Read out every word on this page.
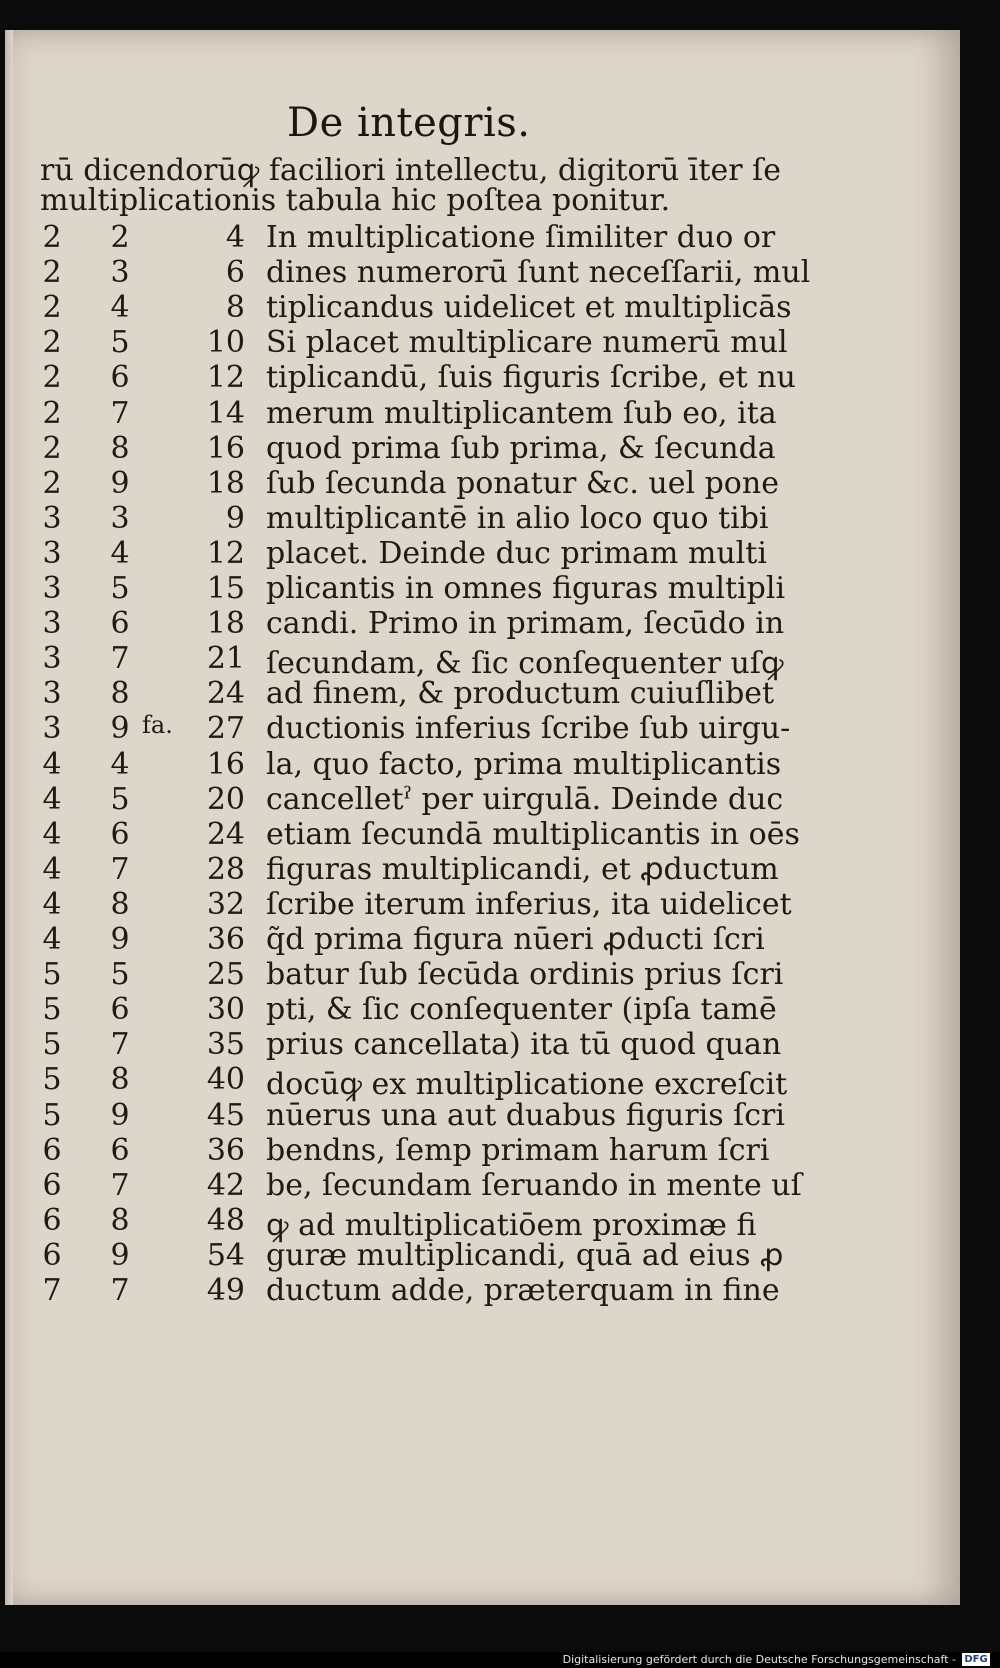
De integris.
rū dicendorūꝙ faciliori intellectu, digitorū īter ſe
multiplicationis tabula hic poſtea ponitur.
2 2	4 In multiplicatione ſimiliter duo or
2 3	6 dines numerorū ſunt neceſſarii, mul
2 4	8 tiplicandus uidelicet et multiplicās
2 5	10 Si placet multiplicare numerū mul
2 6	12 tiplicandū, ſuis figuris ſcribe, et nu
2 7	14 merum multiplicantem ſub eo, ita
2 8	16 quod prima ſub prima, & ſecunda
2 9	18 ſub ſecunda ponatur &c. uel pone
3 3	9 multiplicantē in alio loco quo tibi
3 4	12 placet. Deinde duc primam multi
3 5	15 plicantis in omnes figuras multipli
3 6	18 candi. Primo in primam, ſecūdo in
3 7	21 ſecundam, & ſic conſequenter uſꝙ
3 8	24 ad finem, & productum cuiuſlibet
3 9 fa.	27 ductionis inferius ſcribe ſub uirgu-
4 4	16 la, quo facto, prima multiplicantis
4 5	20 cancelletˀ per uirgulā. Deinde duc
4 6	24 etiam ſecundā multiplicantis in oēs
4 7	28 figuras multiplicandi, et ꝓductum
4 8	32 ſcribe iterum inferius, ita uidelicet
4 9	36 q̃d prima figura nūeri ꝓducti ſcri
5 5	25 batur ſub ſecūda ordinis prius ſcri
5 6	30 pti, & ſic conſequenter (ipſa tamē
5 7	35 prius cancellata) ita tū quod quan
5 8	40 docūꝙ ex multiplicatione excreſcit
5 9	45 nūerus una aut duabus figuris ſcri
6 6	36 bendns, ſemp primam harum ſcri
6 7	42 be, ſecundam ſeruando in mente uſ
6 8	48 ꝙ ad multiplicatiōem proximæ fi
6 9	54 guræ multiplicandi, quā ad eius ꝓ
7 7	49 ductum adde, præterquam in fine
Digitalisierung gefördert durch die Deutsche Forschungsgemeinschaft - DFG
